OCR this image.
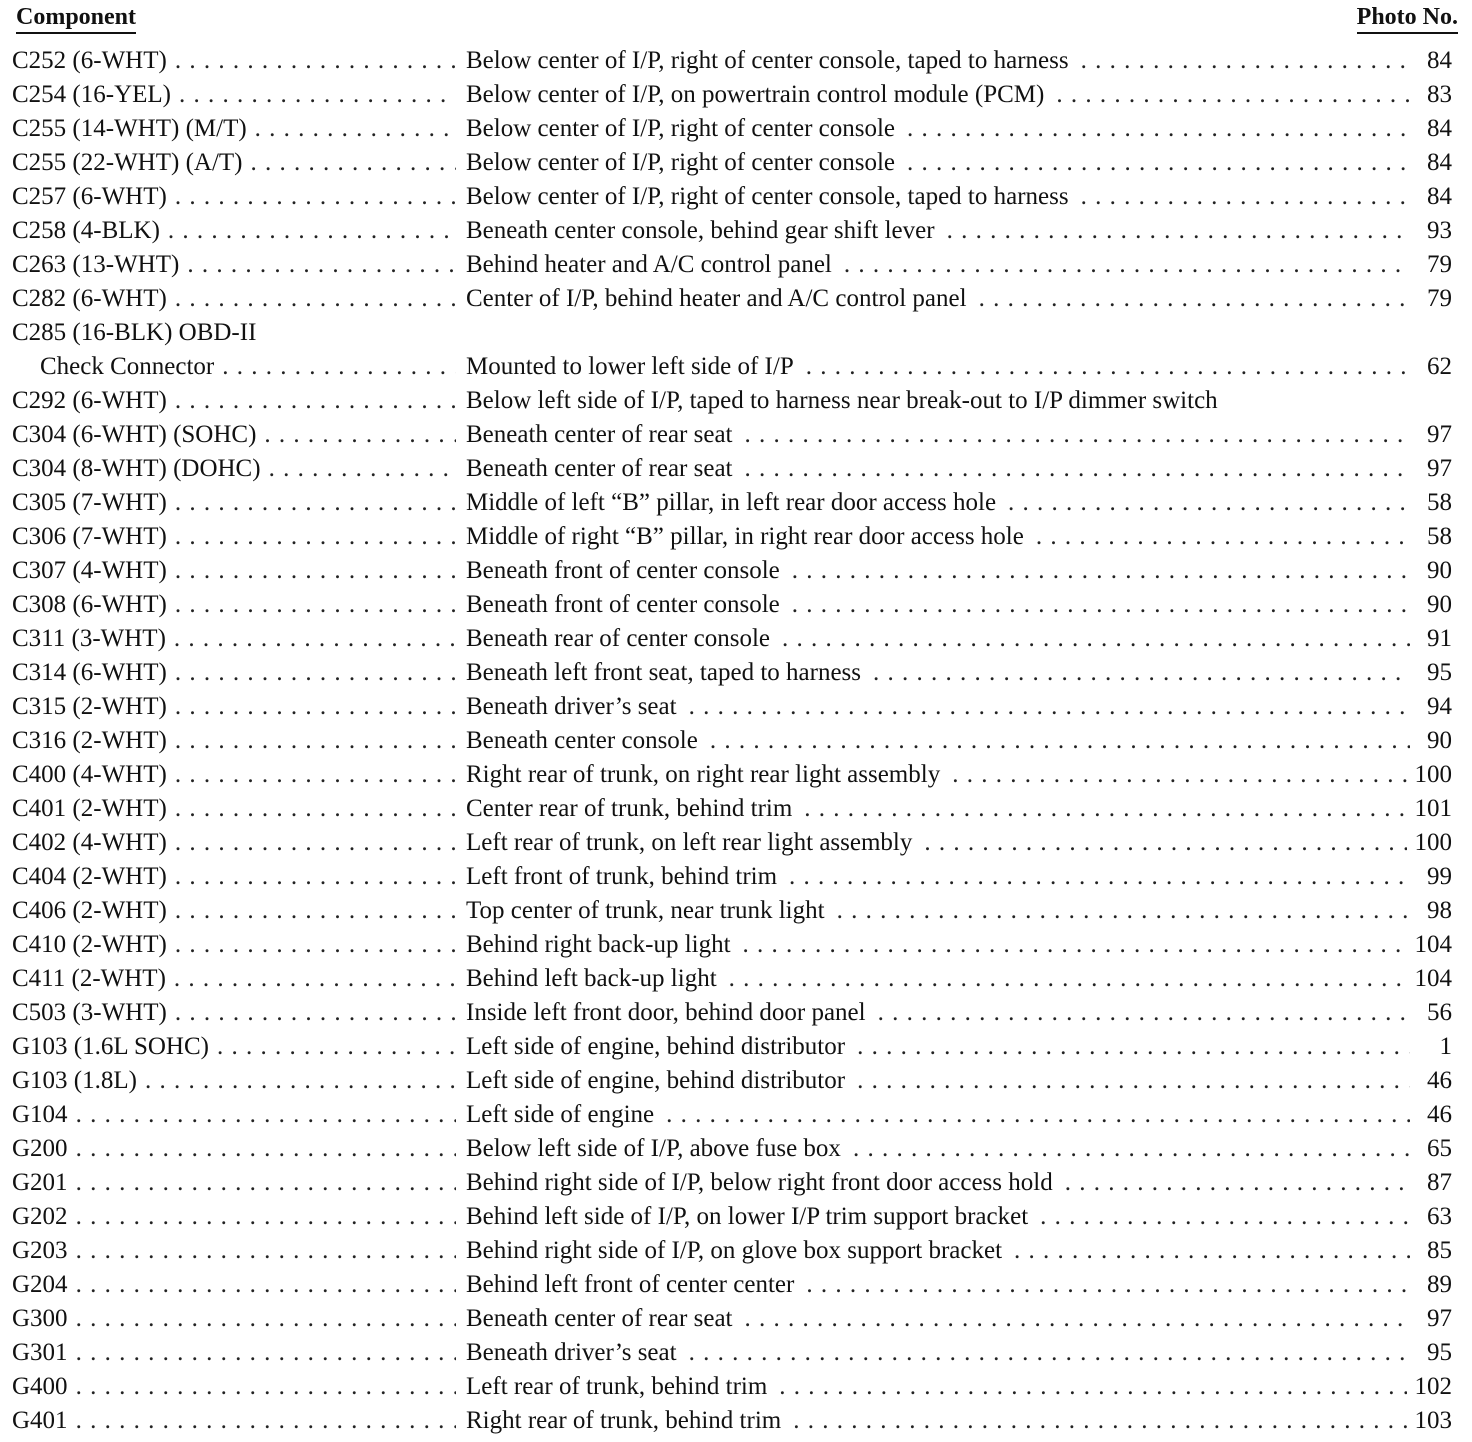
Component	Photo No.
C252 (6-WHT) . . .	Below center of I/P, right of center console, taped to harness . . .	84
C254 (16-YEL) . . .	Below center of I/P, on powertrain control module (PCM) . . .	83
C255 (14-WHT) (M/T) . . .	Below center of I/P, right of center console . . .	84
C255 (22-WHT) (A/T) . . .	Below center of I/P, right of center console . . .	84
C257 (6-WHT) . . .	Below center of I/P, right of center console, taped to harness . . .	84
C258 (4-BLK) . . .	Beneath center console, behind gear shift lever . . .	93
C263 (13-WHT) . . .	Behind heater and A/C control panel . . .	79
C282 (6-WHT) . . .	Center of I/P, behind heater and A/C control panel . . .	79
C285 (16-BLK) OBD-II
Check Connector . . .	Mounted to lower left side of I/P . . .	62
C292 (6-WHT) . . .	Below left side of I/P, taped to harness near break-out to I/P dimmer switch
C304 (6-WHT) (SOHC) . . .	Beneath center of rear seat . . .	97
C304 (8-WHT) (DOHC) . . .	Beneath center of rear seat . . .	97
C305 (7-WHT) . . .	Middle of left “B” pillar, in left rear door access hole . . .	58
C306 (7-WHT) . . .	Middle of right “B” pillar, in right rear door access hole . . .	58
C307 (4-WHT) . . .	Beneath front of center console . . .	90
C308 (6-WHT) . . .	Beneath front of center console . . .	90
C311 (3-WHT) . . .	Beneath rear of center console . . .	91
C314 (6-WHT) . . .	Beneath left front seat, taped to harness . . .	95
C315 (2-WHT) . . .	Beneath driver’s seat . . .	94
C316 (2-WHT) . . .	Beneath center console . . .	90
C400 (4-WHT) . . .	Right rear of trunk, on right rear light assembly . . .	100
C401 (2-WHT) . . .	Center rear of trunk, behind trim . . .	101
C402 (4-WHT) . . .	Left rear of trunk, on left rear light assembly . . .	100
C404 (2-WHT) . . .	Left front of trunk, behind trim . . .	99
C406 (2-WHT) . . .	Top center of trunk, near trunk light . . .	98
C410 (2-WHT) . . .	Behind right back-up light . . .	104
C411 (2-WHT) . . .	Behind left back-up light . . .	104
C503 (3-WHT) . . .	Inside left front door, behind door panel . . .	56
G103 (1.6L SOHC) . . .	Left side of engine, behind distributor . . .	1
G103 (1.8L) . . .	Left side of engine, behind distributor . . .	46
G104 . . .	Left side of engine . . .	46
G200 . . .	Below left side of I/P, above fuse box . . .	65
G201 . . .	Behind right side of I/P, below right front door access hold . . .	87
G202 . . .	Behind left side of I/P, on lower I/P trim support bracket . . .	63
G203 . . .	Behind right side of I/P, on glove box support bracket . . .	85
G204 . . .	Behind left front of center center . . .	89
G300 . . .	Beneath center of rear seat . . .	97
G301 . . .	Beneath driver’s seat . . .	95
G400 . . .	Left rear of trunk, behind trim . . .	102
G401 . . .	Right rear of trunk, behind trim . . .	103
